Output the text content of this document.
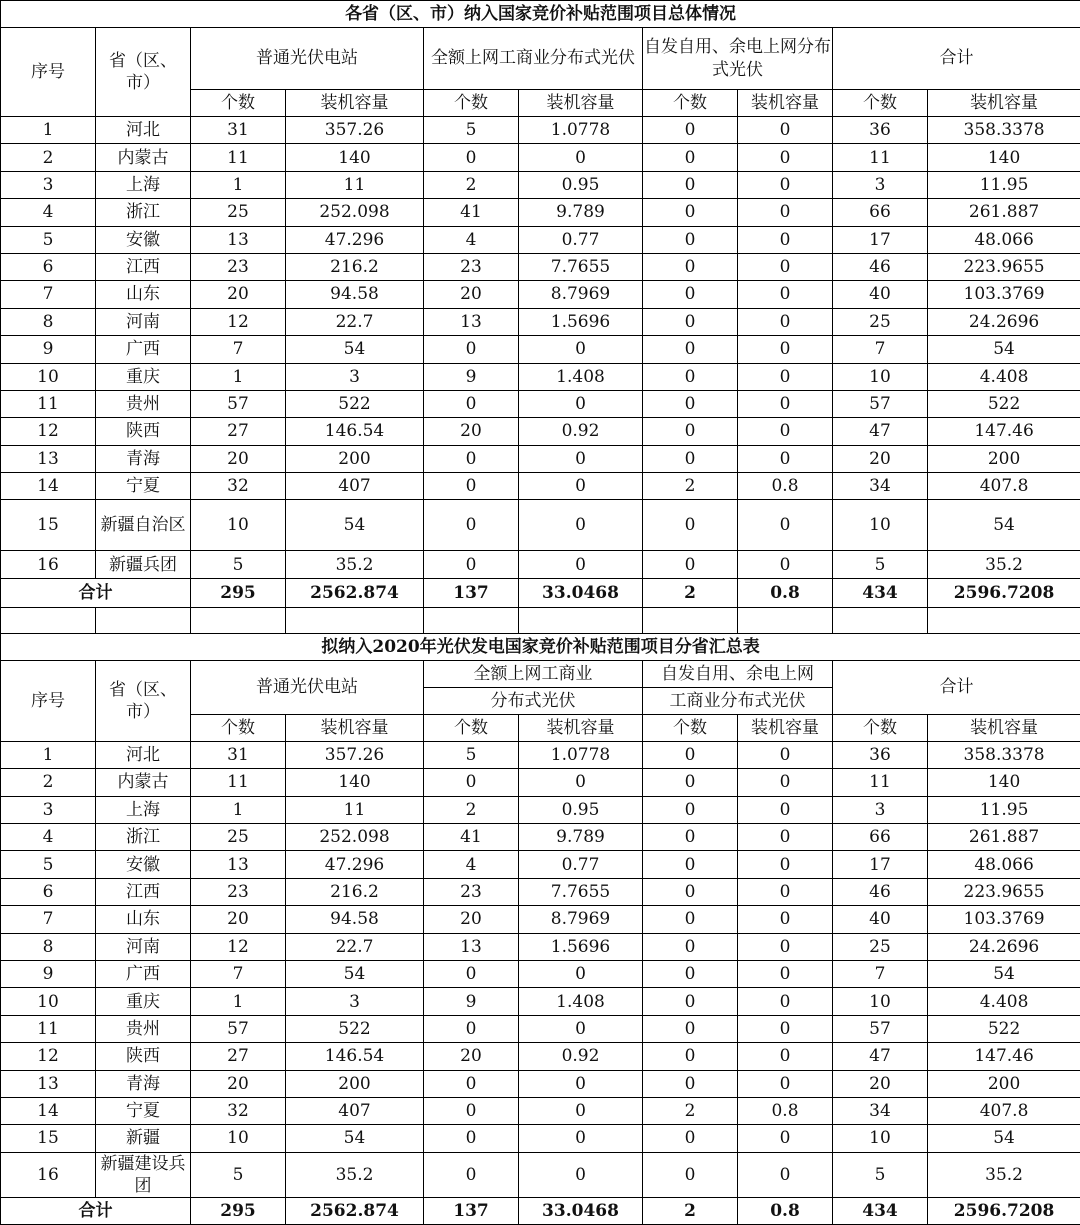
各省（区、市）纳入国家竞价补贴范围项目总体情况									
序号	省（区、市）	普通光伏电站		全额上网工商业分布式光伏		自发自用、余电上网分布式光伏		合计	
		个数	装机容量	个数	装机容量	个数	装机容量	个数	装机容量
1	河北	31	357.26	5	1.0778	0	0	36	358.3378
2	内蒙古	11	140	0	0	0	0	11	140
3	上海	1	11	2	0.95	0	0	3	11.95
4	浙江	25	252.098	41	9.789	0	0	66	261.887
5	安徽	13	47.296	4	0.77	0	0	17	48.066
6	江西	23	216.2	23	7.7655	0	0	46	223.9655
7	山东	20	94.58	20	8.7969	0	0	40	103.3769
8	河南	12	22.7	13	1.5696	0	0	25	24.2696
9	广西	7	54	0	0	0	0	7	54
10	重庆	1	3	9	1.408	0	0	10	4.408
11	贵州	57	522	0	0	0	0	57	522
12	陕西	27	146.54	20	0.92	0	0	47	147.46
13	青海	20	200	0	0	0	0	20	200
14	宁夏	32	407	0	0	2	0.8	34	407.8
15	新疆自治区	10	54	0	0	0	0	10	54
16	新疆兵团	5	35.2	0	0	0	0	5	35.2
合计		295	2562.874	137	33.0468	2	0.8	434	2596.7208

拟纳入2020年光伏发电国家竞价补贴范围项目分省汇总表									
序号	省（区、市）	普通光伏电站		全额上网工商业		自发自用、余电上网		合计	
				分布式光伏		工商业分布式光伏			
		个数	装机容量	个数	装机容量	个数	装机容量	个数	装机容量
1	河北	31	357.26	5	1.0778	0	0	36	358.3378
2	内蒙古	11	140	0	0	0	0	11	140
3	上海	1	11	2	0.95	0	0	3	11.95
4	浙江	25	252.098	41	9.789	0	0	66	261.887
5	安徽	13	47.296	4	0.77	0	0	17	48.066
6	江西	23	216.2	23	7.7655	0	0	46	223.9655
7	山东	20	94.58	20	8.7969	0	0	40	103.3769
8	河南	12	22.7	13	1.5696	0	0	25	24.2696
9	广西	7	54	0	0	0	0	7	54
10	重庆	1	3	9	1.408	0	0	10	4.408
11	贵州	57	522	0	0	0	0	57	522
12	陕西	27	146.54	20	0.92	0	0	47	147.46
13	青海	20	200	0	0	0	0	20	200
14	宁夏	32	407	0	0	2	0.8	34	407.8
15	新疆	10	54	0	0	0	0	10	54
16	新疆建设兵团	5	35.2	0	0	0	0	5	35.2
合计		295	2562.874	137	33.0468	2	0.8	434	2596.7208
